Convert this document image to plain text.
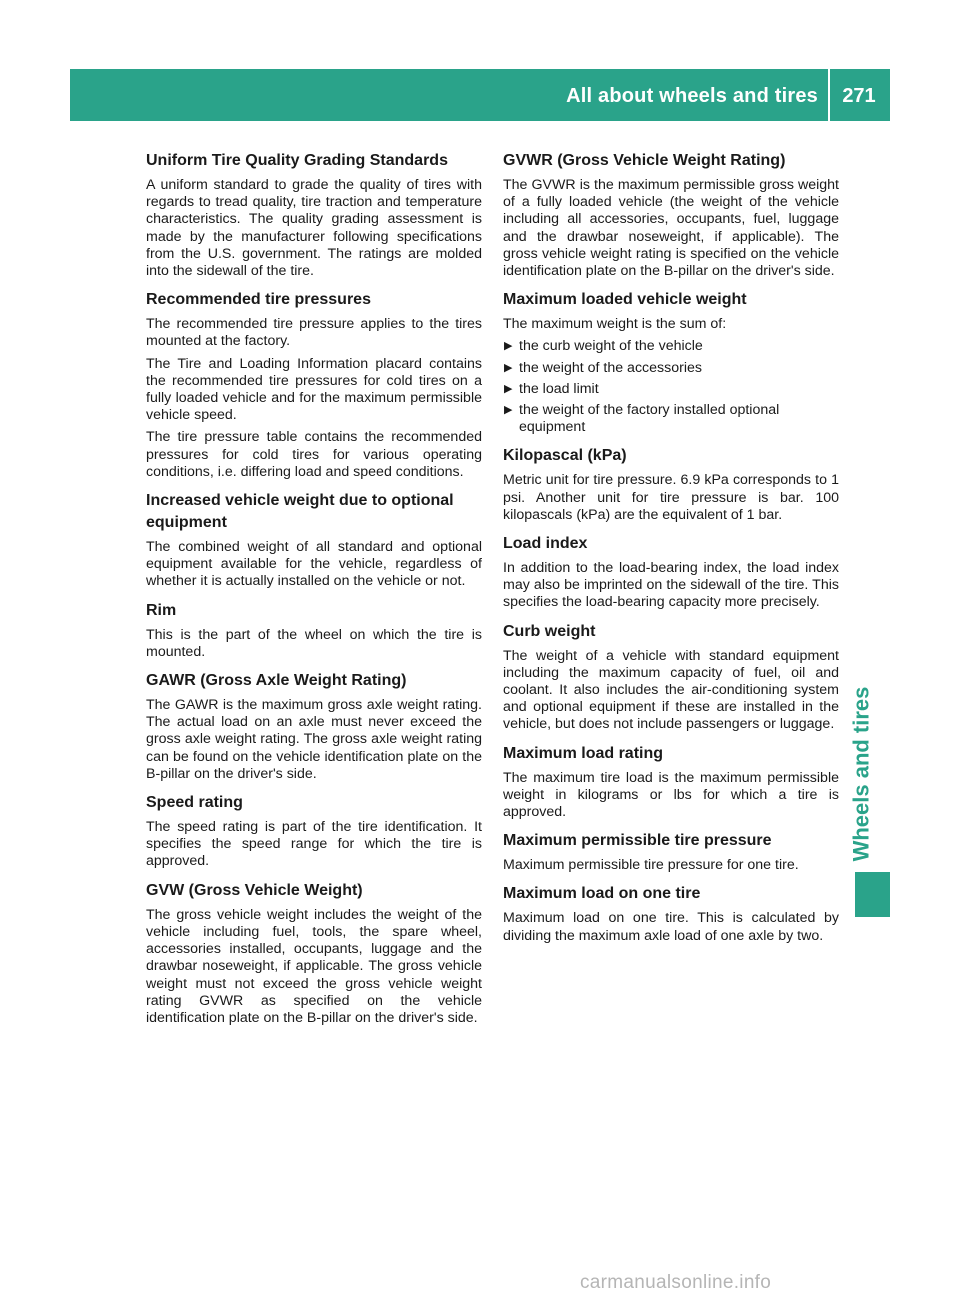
All about wheels and tires	271
Wheels and tires
Uniform Tire Quality Grading Standards

A uniform standard to grade the quality of tires with regards to tread quality, tire traction and temperature characteristics. The quality grading assessment is made by the manufacturer following specifications from the U.S. government. The ratings are molded into the sidewall of the tire.

Recommended tire pressures

The recommended tire pressure applies to the tires mounted at the factory.

The Tire and Loading Information placard contains the recommended tire pressures for cold tires on a fully loaded vehicle and for the maximum permissible vehicle speed.

The tire pressure table contains the recommended pressures for cold tires for various operating conditions, i.e. differing load and speed conditions.

Increased vehicle weight due to optional equipment

The combined weight of all standard and optional equipment available for the vehicle, regardless of whether it is actually installed on the vehicle or not.

Rim

This is the part of the wheel on which the tire is mounted.

GAWR (Gross Axle Weight Rating)

The GAWR is the maximum gross axle weight rating. The actual load on an axle must never exceed the gross axle weight rating. The gross axle weight rating can be found on the vehicle identification plate on the B-pillar on the driver's side.

Speed rating

The speed rating is part of the tire identification. It specifies the speed range for which the tire is approved.

GVW (Gross Vehicle Weight)

The gross vehicle weight includes the weight of the vehicle including fuel, tools, the spare wheel, accessories installed, occupants, luggage and the drawbar noseweight, if applicable. The gross vehicle weight must not exceed the gross vehicle weight rating GVWR as specified on the vehicle identification plate on the B-pillar on the driver's side.

GVWR (Gross Vehicle Weight Rating)

The GVWR is the maximum permissible gross weight of a fully loaded vehicle (the weight of the vehicle including all accessories, occupants, fuel, luggage and the drawbar noseweight, if applicable). The gross vehicle weight rating is specified on the vehicle identification plate on the B-pillar on the driver's side.

Maximum loaded vehicle weight

The maximum weight is the sum of:

▶ the curb weight of the vehicle
▶ the weight of the accessories
▶ the load limit
▶ the weight of the factory installed optional equipment
Kilopascal (kPa)

Metric unit for tire pressure. 6.9 kPa corresponds to 1 psi. Another unit for tire pressure is bar. 100 kilopascals (kPa) are the equivalent of 1 bar.

Load index

In addition to the load-bearing index, the load index may also be imprinted on the sidewall of the tire. This specifies the load-bearing capacity more precisely.

Curb weight

The weight of a vehicle with standard equipment including the maximum capacity of fuel, oil and coolant. It also includes the air-conditioning system and optional equipment if these are installed in the vehicle, but does not include passengers or luggage.

Maximum load rating

The maximum tire load is the maximum permissible weight in kilograms or lbs for which a tire is approved.

Maximum permissible tire pressure

Maximum permissible tire pressure for one tire.

Maximum load on one tire

Maximum load on one tire. This is calculated by dividing the maximum axle load of one axle by two.

carmanualsonline.info
